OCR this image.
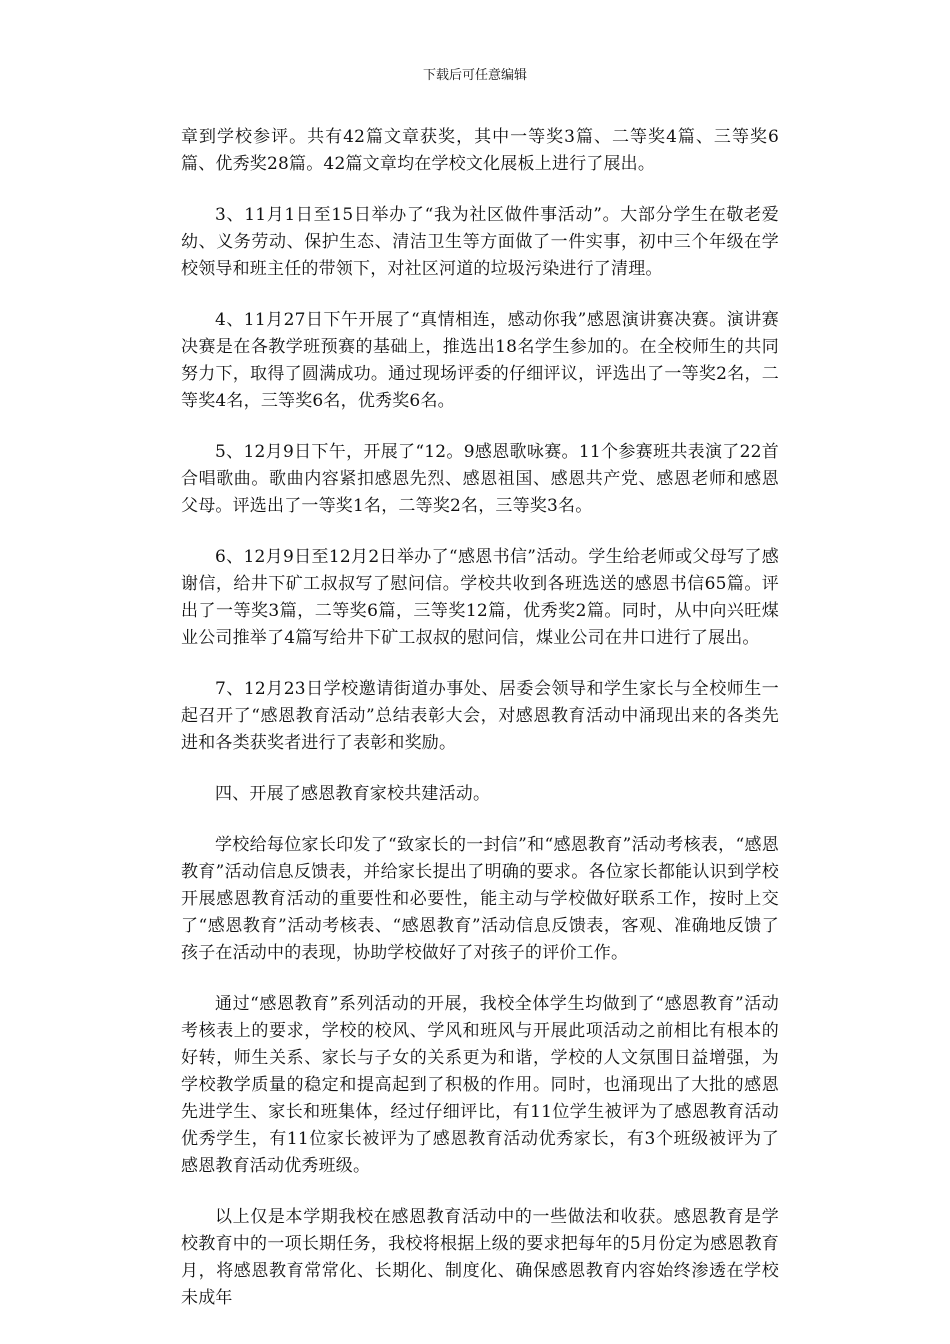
下载后可任意编辑

章到学校参评。共有42篇文章获奖，其中一等奖3篇、二等奖4篇、三等奖6篇、优秀奖28篇。42篇文章均在学校文化展板上进行了展出。

3、11月1日至15日举办了“我为社区做件事活动”。大部分学生在敬老爱幼、义务劳动、保护生态、清洁卫生等方面做了一件实事，初中三个年级在学校领导和班主任的带领下，对社区河道的垃圾污染进行了清理。

4、11月27日下午开展了“真情相连，感动你我”感恩演讲赛决赛。演讲赛决赛是在各教学班预赛的基础上，推选出18名学生参加的。在全校师生的共同努力下，取得了圆满成功。通过现场评委的仔细评议，评选出了一等奖2名，二等奖4名，三等奖6名，优秀奖6名。

5、12月9日下午，开展了“12。9感恩歌咏赛。11个参赛班共表演了22首合唱歌曲。歌曲内容紧扣感恩先烈、感恩祖国、感恩共产党、感恩老师和感恩父母。评选出了一等奖1名，二等奖2名，三等奖3名。

6、12月9日至12月2日举办了“感恩书信”活动。学生给老师或父母写了感谢信，给井下矿工叔叔写了慰问信。学校共收到各班选送的感恩书信65篇。评出了一等奖3篇，二等奖6篇，三等奖12篇，优秀奖2篇。同时，从中向兴旺煤业公司推举了4篇写给井下矿工叔叔的慰问信，煤业公司在井口进行了展出。

7、12月23日学校邀请街道办事处、居委会领导和学生家长与全校师生一起召开了“感恩教育活动”总结表彰大会，对感恩教育活动中涌现出来的各类先进和各类获奖者进行了表彰和奖励。

四、开展了感恩教育家校共建活动。

学校给每位家长印发了“致家长的一封信”和“感恩教育”活动考核表，“感恩教育”活动信息反馈表，并给家长提出了明确的要求。各位家长都能认识到学校开展感恩教育活动的重要性和必要性，能主动与学校做好联系工作，按时上交了“感恩教育”活动考核表、“感恩教育”活动信息反馈表，客观、准确地反馈了孩子在活动中的表现，协助学校做好了对孩子的评价工作。

通过“感恩教育”系列活动的开展，我校全体学生均做到了“感恩教育”活动考核表上的要求，学校的校风、学风和班风与开展此项活动之前相比有根本的好转，师生关系、家长与子女的关系更为和谐，学校的人文氛围日益增强，为学校教学质量的稳定和提高起到了积极的作用。同时，也涌现出了大批的感恩先进学生、家长和班集体，经过仔细评比，有11位学生被评为了感恩教育活动优秀学生，有11位家长被评为了感恩教育活动优秀家长，有3个班级被评为了感恩教育活动优秀班级。

以上仅是本学期我校在感恩教育活动中的一些做法和收获。感恩教育是学校教育中的一项长期任务，我校将根据上级的要求把每年的5月份定为感恩教育月，将感恩教育常常化、长期化、制度化、确保感恩教育内容始终渗透在学校未成年
